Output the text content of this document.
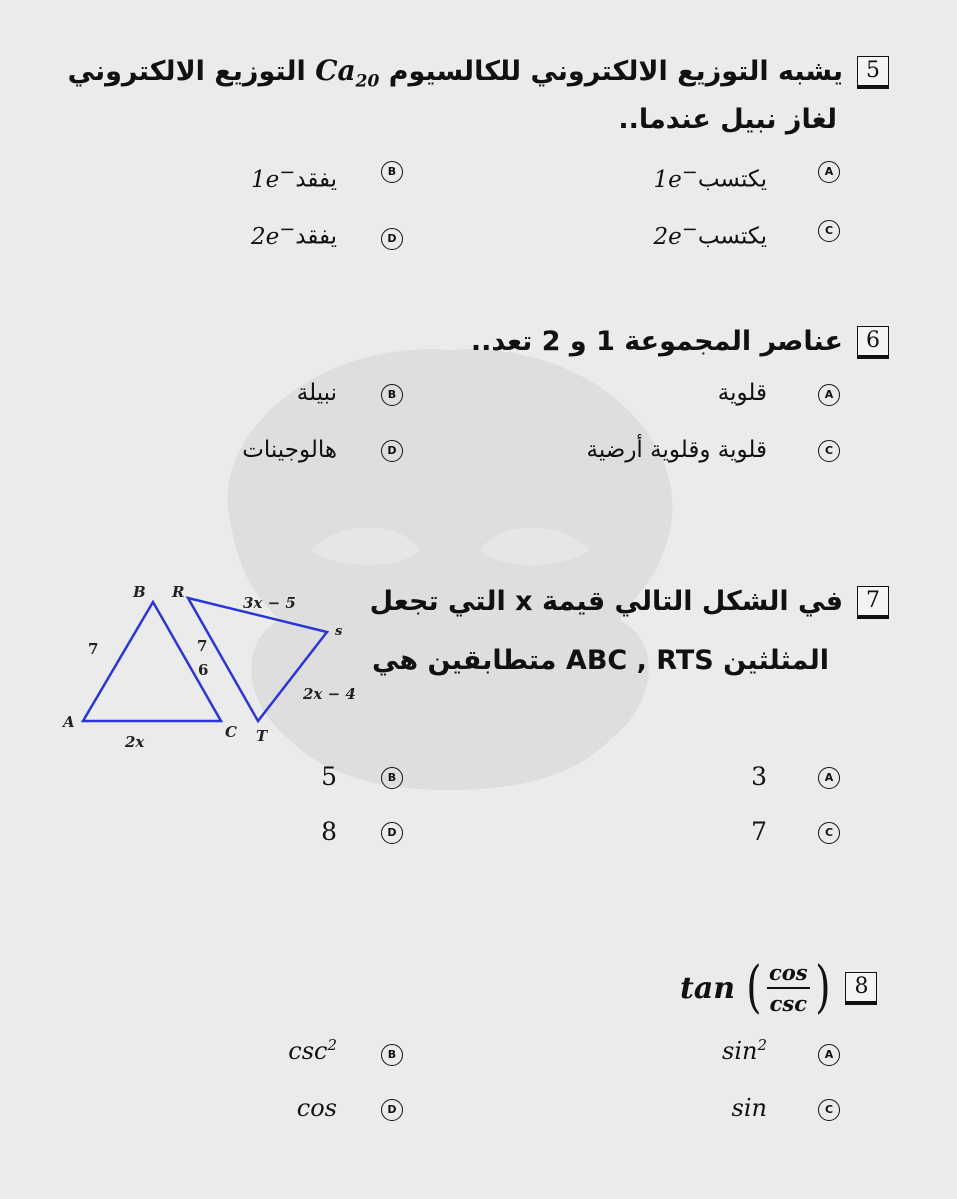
5يشبه التوزيع الالكتروني للكالسيوم $Ca_{20}$ التوزيع الالكتروني
لغاز نبيل عندما..
A
يكتسب1e−
B
يفقد1e−
C
يكتسب 2e−
D
يفقد2e−
6عناصر المجموعة 1 و 2 تعد..
A
قلوية
B
نبيلة
C
قلوية وقلوية أرضية
D
هالوجينات
7في الشكل التالي قيمة x التي تجعل
المثلثين ABC , RTS متطابقين هي
A
B
C
R
s
T
7
6
2x
7
3x − 5
2x − 4
A
3
B
5
C
7
D
8
tan ( $\frac{\cos}{\csc}$ )	8
A
$\sin^2$
B
$\csc^2$
C
sin
D
cos
